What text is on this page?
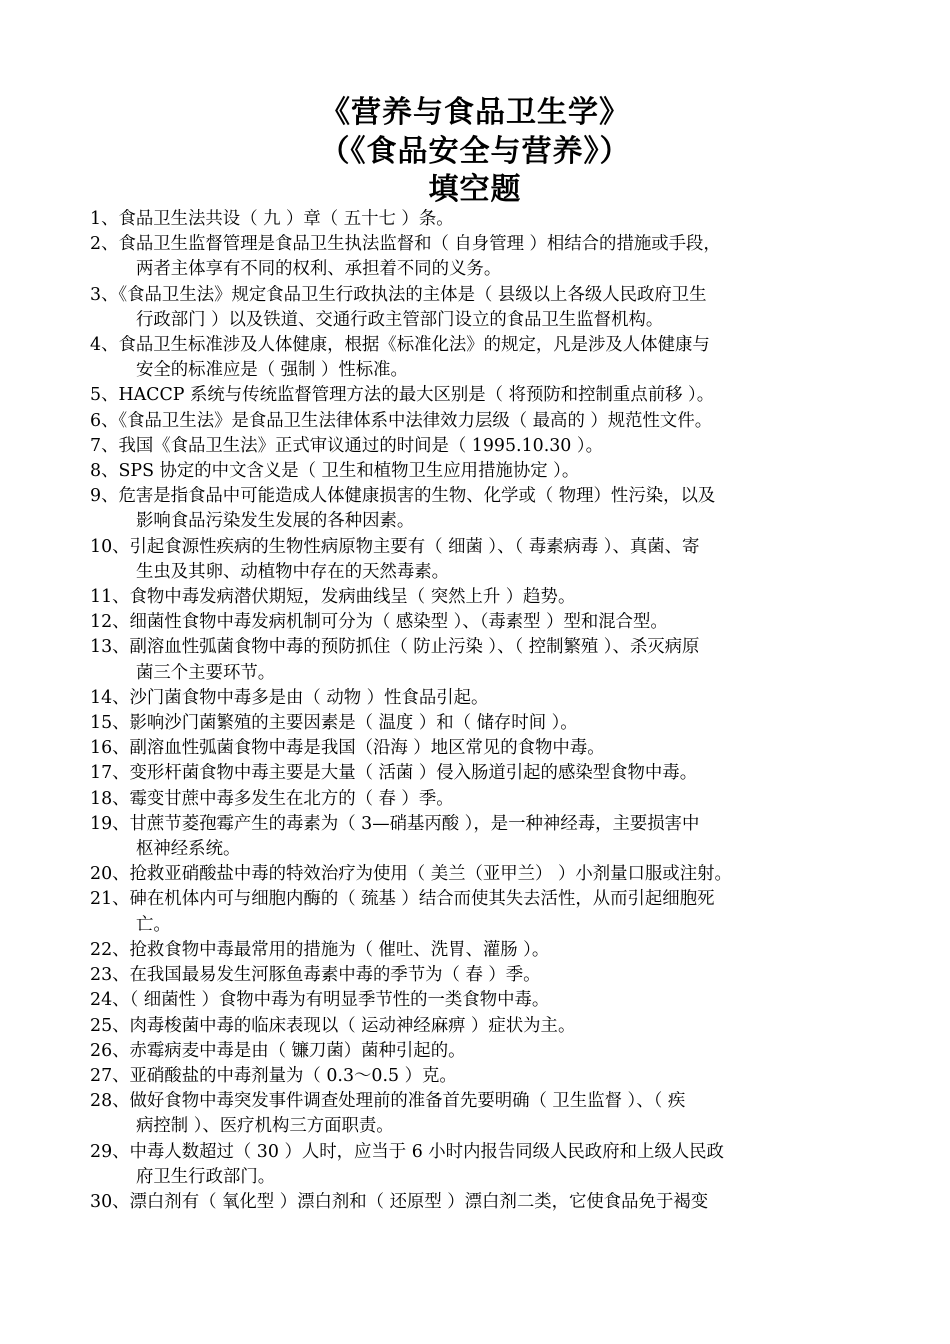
《营养与食品卫生学》
（《食品安全与营养》）
填空题
1、食品卫生法共设（ 九 ）章（ 五十七 ）条。
2、食品卫生监督管理是食品卫生执法监督和（ 自身管理 ）相结合的措施或手段，
两者主体享有不同的权利、承担着不同的义务。
3、《食品卫生法》规定食品卫生行政执法的主体是（ 县级以上各级人民政府卫生
行政部门 ）以及铁道、交通行政主管部门设立的食品卫生监督机构。
4、食品卫生标准涉及人体健康，根据《标准化法》的规定，凡是涉及人体健康与
安全的标准应是（ 强制 ）性标准。
5、HACCP 系统与传统监督管理方法的最大区别是（ 将预防和控制重点前移 ）。
6、《食品卫生法》是食品卫生法律体系中法律效力层级（ 最高的 ）规范性文件。
7、我国《食品卫生法》正式审议通过的时间是（ 1995.10.30 ）。
8、SPS 协定的中文含义是（ 卫生和植物卫生应用措施协定 ）。
9、危害是指食品中可能造成人体健康损害的生物、化学或（ 物理）性污染，以及
影响食品污染发生发展的各种因素。
10、引起食源性疾病的生物性病原物主要有（ 细菌 ）、（ 毒素病毒 ）、真菌、寄
生虫及其卵、动植物中存在的天然毒素。
11、食物中毒发病潜伏期短，发病曲线呈（ 突然上升 ）趋势。
12、细菌性食物中毒发病机制可分为（ 感染型 ）、（毒素型 ）型和混合型。
13、副溶血性弧菌食物中毒的预防抓住（ 防止污染 ）、（ 控制繁殖 ）、杀灭病原
菌三个主要环节。
14、沙门菌食物中毒多是由（ 动物 ）性食品引起。
15、影响沙门菌繁殖的主要因素是（ 温度 ）和（ 储存时间 ）。
16、副溶血性弧菌食物中毒是我国（沿海 ）地区常见的食物中毒。
17、变形杆菌食物中毒主要是大量（ 活菌 ）侵入肠道引起的感染型食物中毒。
18、霉变甘蔗中毒多发生在北方的（ 春 ）季。
19、甘蔗节菱孢霉产生的毒素为（ 3—硝基丙酸 ），是一种神经毒，主要损害中
枢神经系统。
20、抢救亚硝酸盐中毒的特效治疗为使用（ 美兰（亚甲兰） ）小剂量口服或注射。
21、砷在机体内可与细胞内酶的（ 巯基 ）结合而使其失去活性，从而引起细胞死
亡。
22、抢救食物中毒最常用的措施为（ 催吐、洗胃、灌肠 ）。
23、在我国最易发生河豚鱼毒素中毒的季节为（ 春 ）季。
24、（ 细菌性 ）食物中毒为有明显季节性的一类食物中毒。
25、肉毒梭菌中毒的临床表现以（ 运动神经麻痹 ）症状为主。
26、赤霉病麦中毒是由（ 镰刀菌）菌种引起的。
27、亚硝酸盐的中毒剂量为（ 0.3～0.5 ）克。
28、做好食物中毒突发事件调查处理前的准备首先要明确（ 卫生监督 ）、（ 疾
病控制 ）、医疗机构三方面职责。
29、中毒人数超过（ 30 ）人时，应当于 6 小时内报告同级人民政府和上级人民政
府卫生行政部门。
30、漂白剂有（ 氧化型 ）漂白剂和（ 还原型 ）漂白剂二类，它使食品免于褐变
